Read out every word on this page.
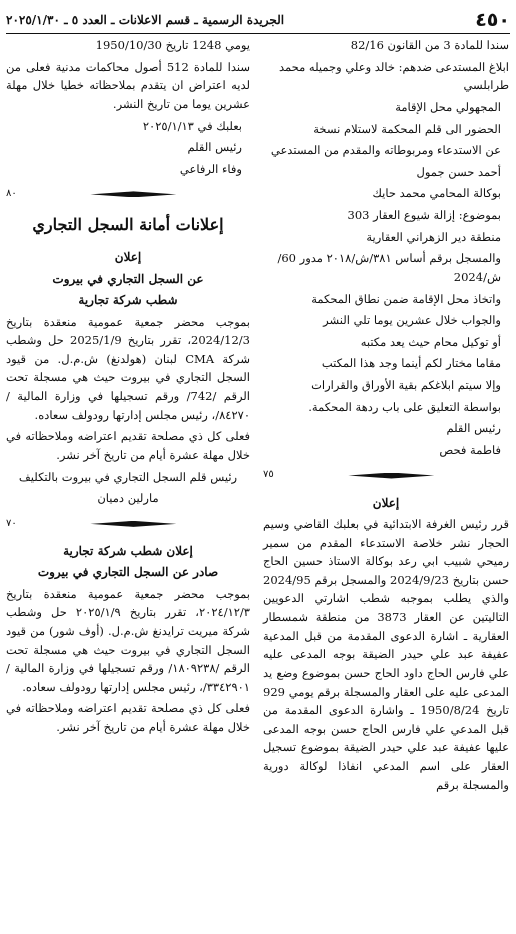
٤٥٠
الجريدة الرسمية ـ قسم الاعلانات ـ العدد ٥ ـ ٢٠٢٥/١/٣٠

سندا للمادة 3 من القانون 82/16

ابلاغ المستدعى ضدهم: خالد وعلي وجميله محمد طرابلسي

المجهولي محل الإقامة

الحضور الى قلم المحكمة لاستلام نسخة

عن الاستدعاء ومربوطاته والمقدم من المستدعي

أحمد حسن جمول

بوكالة المحامي محمد حايك

بموضوع: إزالة شيوع العقار 303

منطقة دير الزهراني العقارية

والمسجل برقم أساس ٣٨١/ش/٢٠١٨ مدور 60/ش/2024

واتخاذ محل الإقامة ضمن نطاق المحكمة

والجواب خلال عشرين يوما تلي النشر

أو توكيل محام حيث يعد مكتبه

مقاما مختار لكم أينما وجد هذا المكتب

وإلا سيتم ابلاغكم بقية الأوراق والقرارات

بواسطة التعليق على باب ردهة المحكمة.

رئيس القلم

فاطمة فحص

٧٥

إعلان

قرر رئيس الغرفة الابتدائية في بعلبك القاضي وسيم الحجار نشر خلاصة الاستدعاء المقدم من سمير رميحي شبيب ابي رعد بوكالة الاستاذ حسين الحاج حسن بتاريخ 2024/9/23 والمسجل برقم 2024/95 والذي يطلب بموجبه شطب اشارتي الدعويين التاليتين عن العقار 3873 من منطقة شمسطار العقارية ـ اشارة الدعوى المقدمة من قبل المدعية عفيفة عبد علي حيدر الضيقة بوجه المدعى عليه علي فارس الحاج داود الحاج حسن بموضوع وضع يد المدعى عليه على العقار والمسجلة برقم يومي 929 تاريخ 1950/8/24 ـ واشارة الدعوى المقدمة من قبل المدعي علي فارس الحاج حسن بوجه المدعى عليها عفيفة عبد علي حيدر الضيقة بموضوع تسجيل العقار على اسم المدعي انفاذا لوكالة دورية والمسجلة برقم

يومي 1248 تاريخ 1950/10/30

سندا للمادة 512 أصول محاكمات مدنية فعلى من لديه اعتراض ان يتقدم بملاحظاته خطيا خلال مهلة عشرين يوما من تاريخ النشر.

بعلبك في ٢٠٢٥/١/١٣

رئيس القلم

وفاء الرفاعي

٨٠

إعلانات أمانة السجل التجاري

إعلان

عن السجل التجاري في بيروت

شطب شركة تجارية

بموجب محضر جمعية عمومية منعقدة بتاريخ 2024/12/3، تقرر بتاريخ 2025/1/9 حل وشطب شركة CMA لبنان (هولدنغ) ش.م.ل. من قيود السجل التجاري في بيروت حيث هي مسجلة تحت الرقم /742/ ورقم تسجيلها في وزارة المالية /٨٤٢٧٠/، رئيس مجلس إدارتها رودولف سعاده.

فعلى كل ذي مصلحة تقديم اعتراضه وملاحظاته في خلال مهلة عشرة أيام من تاريخ آخر نشر.

رئيس قلم السجل التجاري في بيروت بالتكليف

مارلين دميان

٧٠

إعلان شطب شركة تجارية

صادر عن السجل التجاري في بيروت

بموجب محضر جمعية عمومية منعقدة بتاريخ ٢٠٢٤/١٢/٣، تقرر بتاريخ ٢٠٢٥/١/٩ حل وشطب شركة ميريت ترايدنغ ش.م.ل. (أوف شور) من قيود السجل التجاري في بيروت حيث هي مسجلة تحت الرقم /١٨٠٩٢٣٨/ ورقم تسجيلها في وزارة المالية /٣٣٤٢٩٠١/، رئيس مجلس إدارتها رودولف سعاده.

فعلى كل ذي مصلحة تقديم اعتراضه وملاحظاته في خلال مهلة عشرة أيام من تاريخ آخر نشر.
